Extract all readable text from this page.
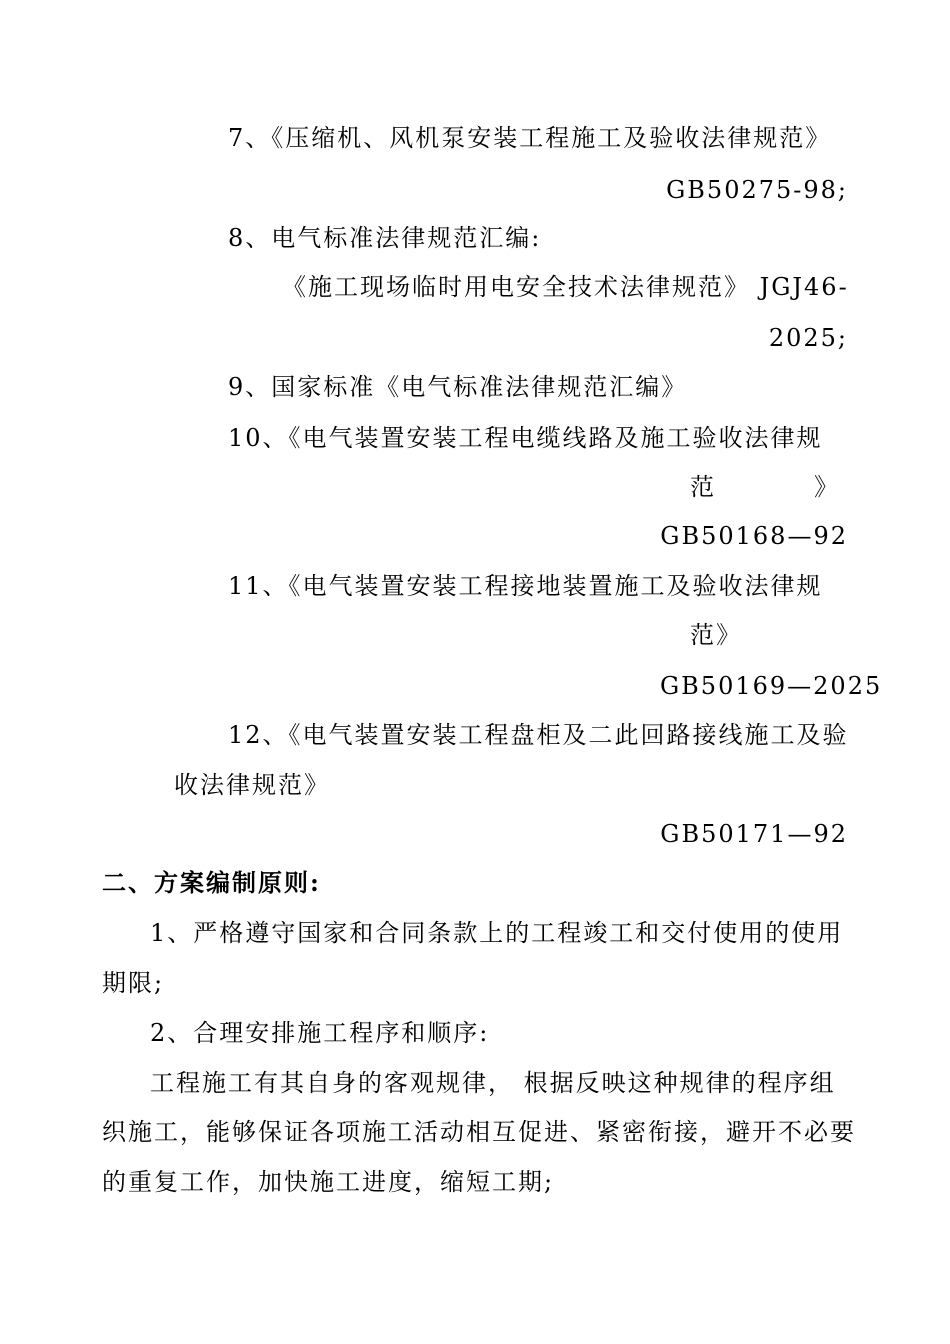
7、《压缩机、风机泵安装工程施工及验收法律规范》
GB50275-98;
8、电气标准法律规范汇编:
《施工现场临时用电安全技术法律规范》 JGJ46-
2025;
9、国家标准《电气标准法律规范汇编》
10、《电气装置安装工程电缆线路及施工验收法律规
范	》
GB50168—92
11、《电气装置安装工程接地装置施工及验收法律规
范》
GB50169—2025
12、《电气装置安装工程盘柜及二此回路接线施工及验
收法律规范》
GB50171—92
二、方案编制原则:
1、严格遵守国家和合同条款上的工程竣工和交付使用的使用
期限;
2、合理安排施工程序和顺序:
工程施工有其自身的客观规律， 根据反映这种规律的程序组
织施工，能够保证各项施工活动相互促进、紧密衔接，避开不必要
的重复工作，加快施工进度，缩短工期;
